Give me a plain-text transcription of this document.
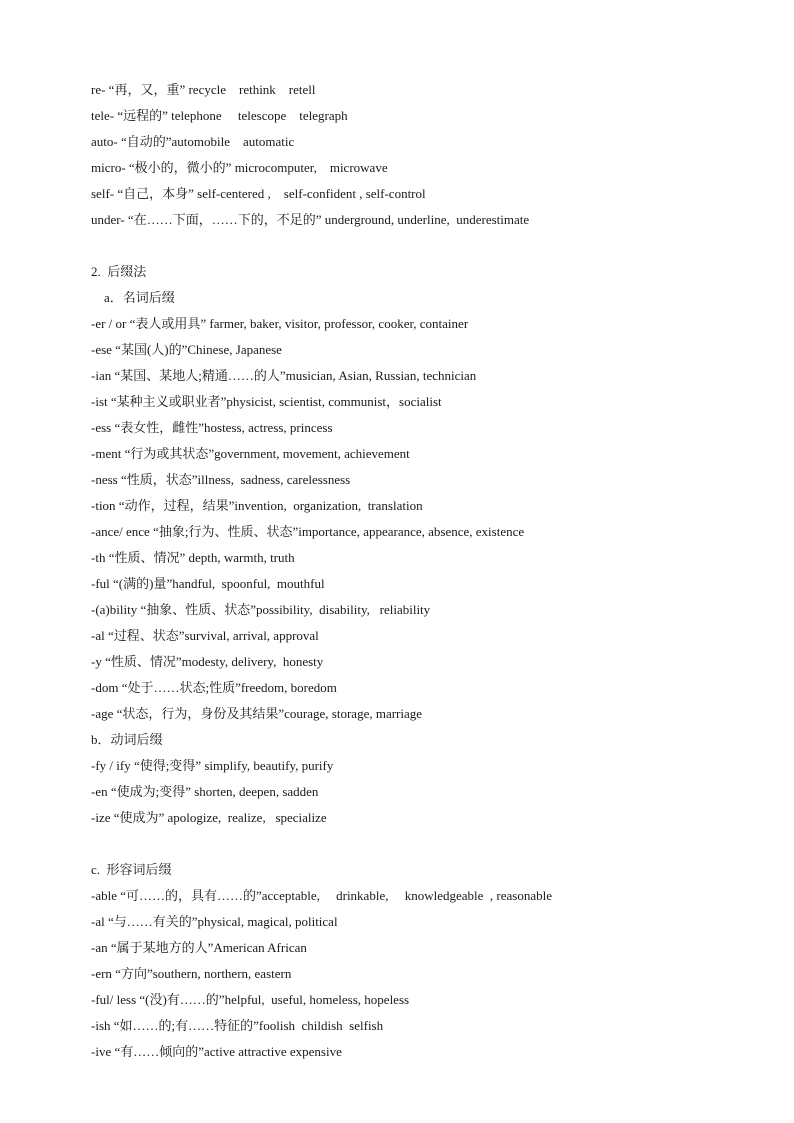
re- “再，又，重” recycle    rethink    retell
tele- “远程的” telephone     telescope    telegraph
auto- “自动的”automobile    automatic
micro- “极小的，微小的” microcomputer,    microwave
self- “自己，本身” self-centered ,    self-confident , self-control
under- “在……下面，……下的，不足的” underground, underline,  underestimate
2.  后缀法
a．名词后缀
-er / or “表人或用具” farmer, baker, visitor, professor, cooker, container
-ese “某国(人)的”Chinese, Japanese
-ian “某国、某地人;精通……的人”musician, Asian, Russian, technician
-ist “某种主义或职业者”physicist, scientist, communist，socialist
-ess “表女性，雌性”hostess, actress, princess
-ment “行为或其状态”government, movement, achievement
-ness “性质，状态”illness,  sadness, carelessness
-tion “动作，过程，结果”invention,  organization,  translation
-ance/ ence “抽象;行为、性质、状态”importance, appearance, absence, existence
-th “性质、情况” depth, warmth, truth
-ful “(满的)量”handful,  spoonful,  mouthful
-(a)bility “抽象、性质、状态”possibility,  disability,   reliability
-al “过程、状态”survival, arrival, approval
-y “性质、情况”modesty, delivery,  honesty
-dom “处于……状态;性质”freedom, boredom
-age “状态，行为，身份及其结果”courage, storage, marriage
b．动词后缀
-fy / ify “使得;变得” simplify, beautify, purify
-en “使成为;变得” shorten, deepen, sadden
-ize “使成为” apologize,  realize,   specialize
c.  形容词后缀
-able “可……的，具有……的”acceptable,     drinkable,     knowledgeable  , reasonable
-al “与……有关的”physical, magical, political
-an “属于某地方的人”American African
-ern “方向”southern, northern, eastern
-ful/ less “(没)有……的”helpful,  useful, homeless, hopeless
-ish “如……的;有……特征的”foolish  childish  selfish
-ive “有……倾向的”active attractive expensive
